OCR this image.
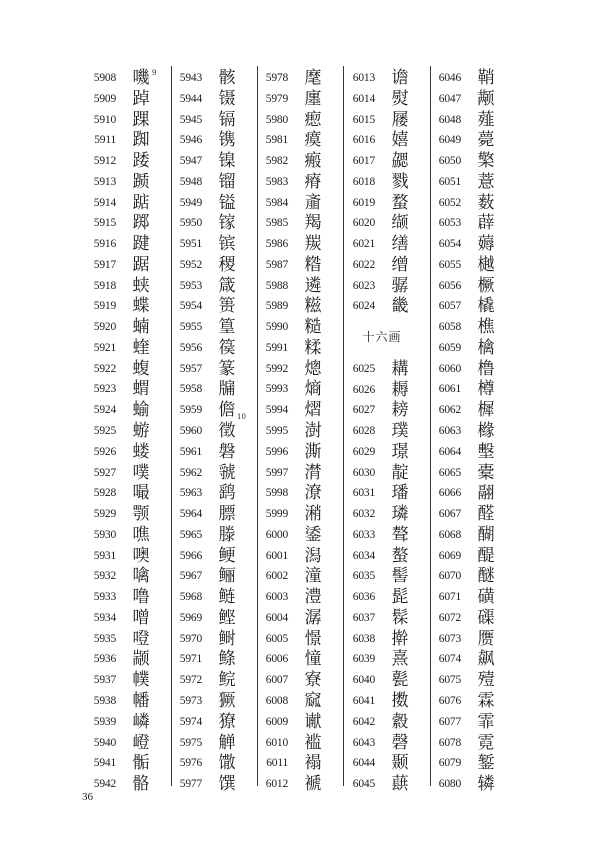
5908 嘰 9
5909 踔
5910 踝
5911 踟
5912 踒
5913 踬
5914 踮
5915 踯
5916 踺
5917 踞
5918 蛱
5919 蝶
5920 蝻
5921 蝰
5922 蝮
5923 蝟
5924 蝓
5925 蝣
5926 蝼
5927 噗
5928 嘬
5929 颚
5930 噍
5931 噢
5932 噙
5933 噜
5934 噌
5935 噔
5936 颛
5937 幞
5938 幡
5939 嶙
5940 嶝
5941 骺
5942 骼
5943 骸
5944 镊
5945 镉
5946 镌
5947 镍
5948 镏
5949 镒
5950 镓
5951 镔
5952 稷
5953 箴
5954 篑
5955 篁
5956 篌
5957 篆
5958 牖
5959 儋
5960 徵
10
5961 磐
5962 虢
5963 鹞
5964 膘
5965 滕
5966 鲠
5967 鲡
5968 鲢
5969 鲣
5970 鲥
5971 鲦
5972 鲩
5973 獗
5974 獠
5975 觯
5976 馓
5977 馔
5978 麾
5979 廛
5980 瘛
5981 瘼
5982 瘢
5983 瘠
5984 齑
5985 羯
5986 羰
5987 糌
5988 遴
5989 糍
5990 糙
5991 糅
5992 熜
5993 熵
5994 熠
5995 澍
5996 澌
5997 潸
5998 潦
5999 潲
6000 鋈
6001 潟
6002 潼
6003 澧
6004 潺
6005 憬
6006 憧
6007 寮
6008 窳
6009 谳
6010 褴
6011 褟
6012 褫
6013 谵
6014 熨
6015 屦
6016 嬉
6017 勰
6018 戮
6019 蝥
6020 缬
6021 缮
6022 缯
6023 骣
6024 畿
十六画
6025 耩
6026 耨
6027 耪
6028 璞
6029 璟
6030 靛
6031 璠
6032 璘
6033 聱
6034 螯
6035 髻
6036 髭
6037 髹
6038 擀
6039 熹
6040 甏
6041 擞
6042 縠
6043 磬
6044 颞
6045 蕻
6046 鞘
6047 颟
6048 薤
6049 薨
6050 檠
6051 薏
6052 薮
6053 薜
6054 薅
6055 樾
6056 橛
6057 橇
6058 樵
6059 檎
6060 橹
6061 樽
6062 樨
6063 橼
6064 墼
6065 橐
6066 翮
6067 醛
6068 醐
6069 醍
6070 醚
6071 磺
6072 磲
6073 赝
6074 飙
6075 殪
6076 霖
6077 霏
6078 霓
6079 錾
6080 辚
36
